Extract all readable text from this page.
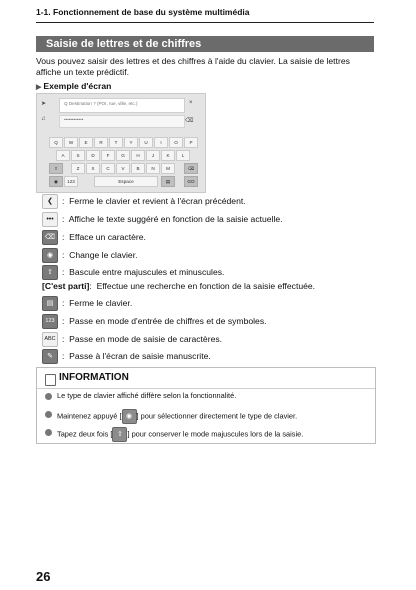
1-1. Fonctionnement de base du système multimédia
Saisie de lettres et de chiffres
Vous pouvez saisir des lettres et des chiffres à l'aide du clavier. La saisie de lettres affiche un texte prédictif.
▶ Exemple d'écran
➤	Q Destination ? (POI, rue, ville, etc.)	×
♫	••••••••••••	⌫
Q	W	E	R	T	Y	U	I	O	P
A	S	D	F	G	H	J	K	L
⇧	Z	X	C	V	B	N	M	⌫
◉	123	Espace	▤	GO
❮	:  Ferme le clavier et revient à l'écran précédent.
••• :  Affiche le texte suggéré en fonction de la saisie actuelle.
⌫ :  Efface un caractère.
◉	:  Change le clavier.
⇧	:  Bascule entre majuscules et minuscules.
[C'est parti]:  Effectue une recherche en fonction de la saisie effectuée.
▤	:  Ferme le clavier.
123 :  Passe en mode d'entrée de chiffres et de symboles.
ABC :  Passe en mode de saisie de caractères.
✎	:  Passe à l'écran de saisie manuscrite.
INFORMATION
Le type de clavier affiché diffère selon la fonctionnalité.
Maintenez appuyé [ ◉ ] pour sélectionner directement le type de clavier.
Tapez deux fois [ ⇧ ] pour conserver le mode majuscules lors de la saisie.
26
